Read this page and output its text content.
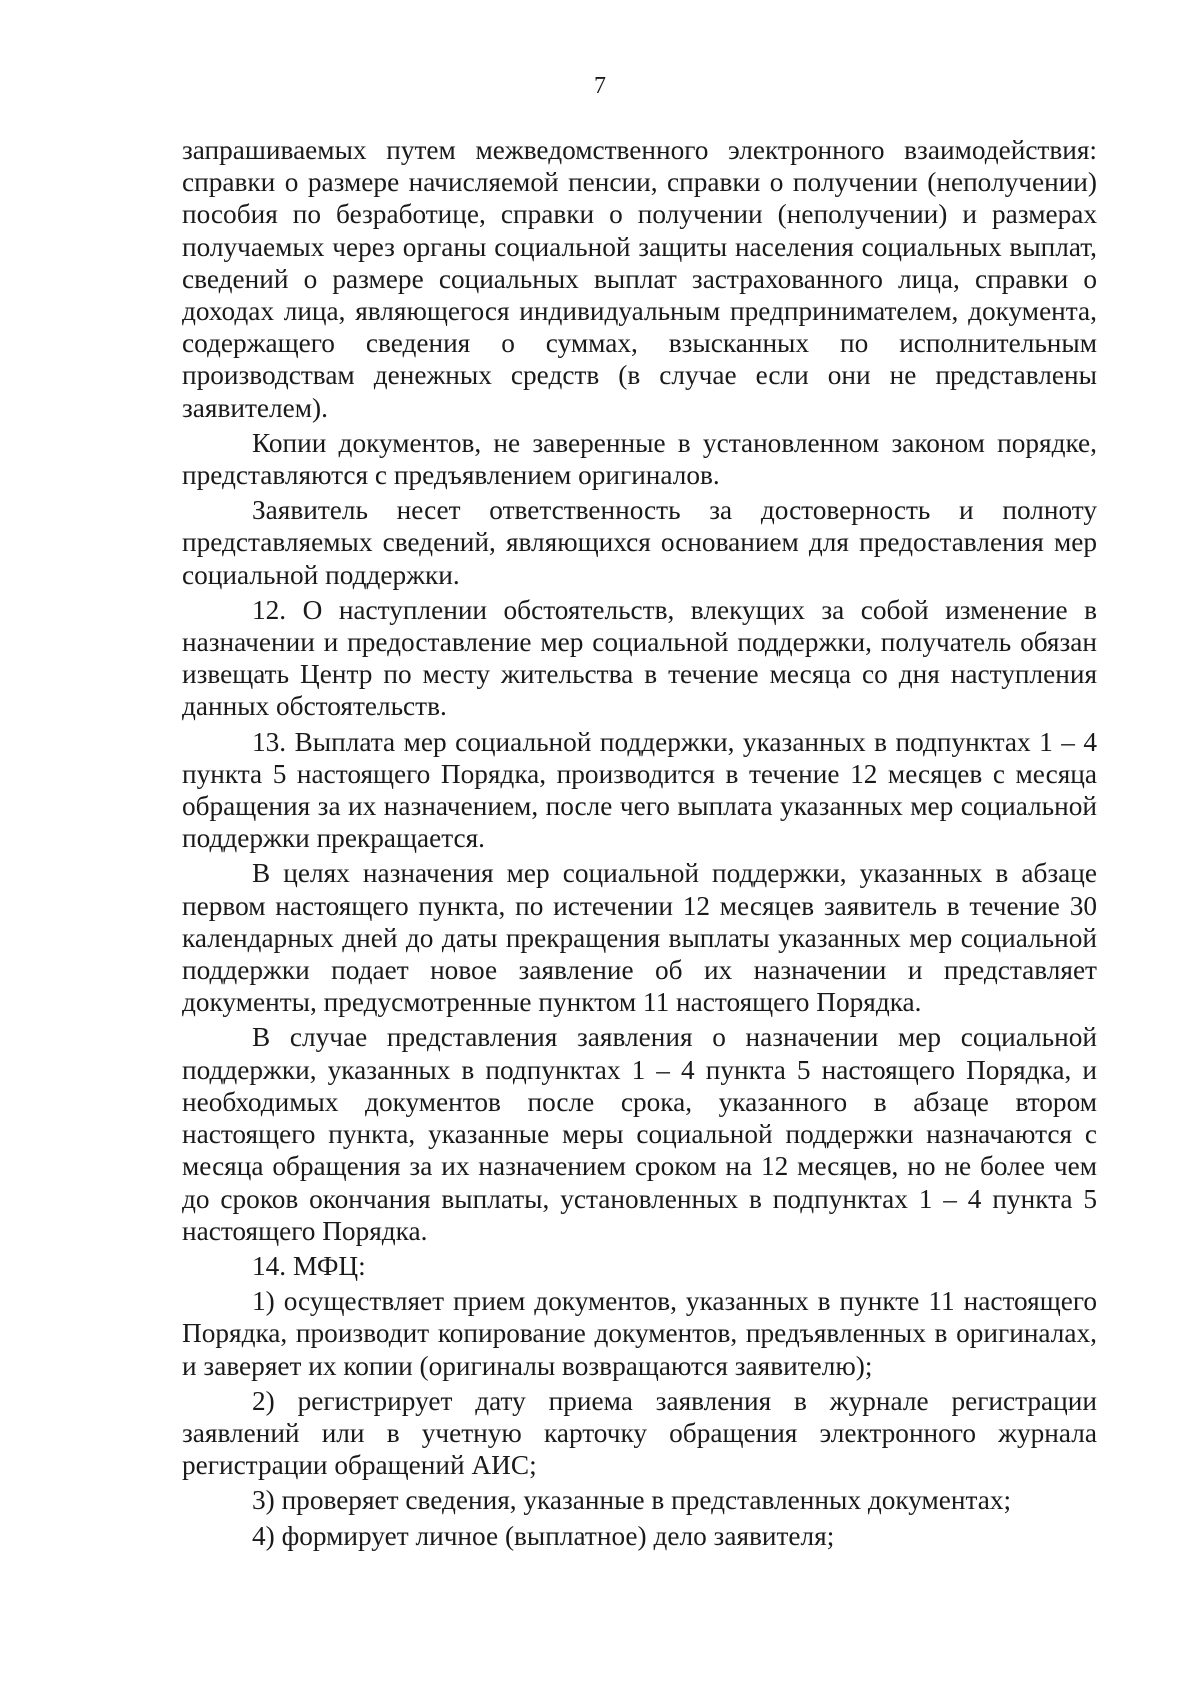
7

запрашиваемых путем межведомственного электронного взаимодействия: справки о размере начисляемой пенсии, справки о получении (неполучении) пособия по безработице, справки о получении (неполучении) и размерах получаемых через органы социальной защиты населения социальных выплат, сведений о размере социальных выплат застрахованного лица, справки о доходах лица, являющегося индивидуальным предпринимателем, документа, содержащего сведения о суммах, взысканных по исполнительным производствам денежных средств (в случае если они не представлены заявителем).

Копии документов, не заверенные в установленном законом порядке, представляются с предъявлением оригиналов.

Заявитель несет ответственность за достоверность и полноту представляемых сведений, являющихся основанием для предоставления мер социальной поддержки.

12. О наступлении обстоятельств, влекущих за собой изменение в назначении и предоставление мер социальной поддержки, получатель обязан извещать Центр по месту жительства в течение месяца со дня наступления данных обстоятельств.

13. Выплата мер социальной поддержки, указанных в подпунктах 1 – 4 пункта 5 настоящего Порядка, производится в течение 12 месяцев с месяца обращения за их назначением, после чего выплата указанных мер социальной поддержки прекращается.

В целях назначения мер социальной поддержки, указанных в абзаце первом настоящего пункта, по истечении 12 месяцев заявитель в течение 30 календарных дней до даты прекращения выплаты указанных мер социальной поддержки подает новое заявление об их назначении и представляет документы, предусмотренные пунктом 11 настоящего Порядка.

В случае представления заявления о назначении мер социальной поддержки, указанных в подпунктах 1 – 4 пункта 5 настоящего Порядка, и необходимых документов после срока, указанного в абзаце втором настоящего пункта, указанные меры социальной поддержки назначаются с месяца обращения за их назначением сроком на 12 месяцев, но не более чем до сроков окончания выплаты, установленных в подпунктах 1 – 4 пункта 5 настоящего Порядка.

14. МФЦ:

1) осуществляет прием документов, указанных в пункте 11 настоящего Порядка, производит копирование документов, предъявленных в оригиналах, и заверяет их копии (оригиналы возвращаются заявителю);

2) регистрирует дату приема заявления в журнале регистрации заявлений или в учетную карточку обращения электронного журнала регистрации обращений АИС;

3) проверяет сведения, указанные в представленных документах;

4) формирует личное (выплатное) дело заявителя;
